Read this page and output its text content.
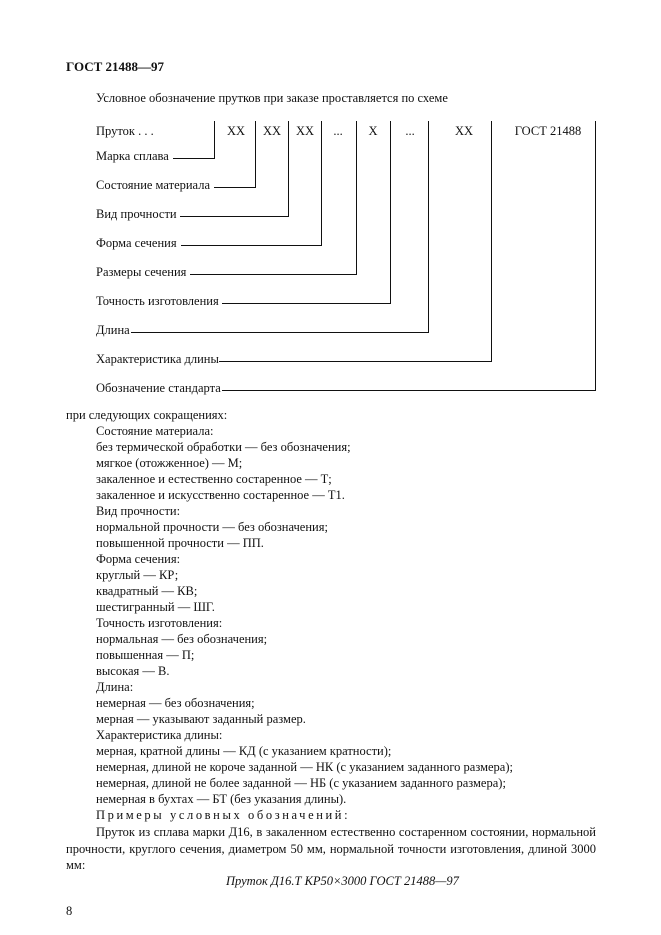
ГОСТ 21488—97
Условное обозначение прутков при заказе проставляется по схеме
Пруток . . .	XX	XX	XX	...	X	...	XX	ГОСТ 21488
Марка сплава
Состояние материала
Вид прочности
Форма сечения
Размеры сечения
Точность изготовления
Длина
Характеристика длины
Обозначение стандарта
при следующих сокращениях:
Состояние материала:
без термической обработки — без обозначения;
мягкое (отожженное) — М;
закаленное и естественно состаренное — Т;
закаленное и искусственно состаренное — Т1.
Вид прочности:
нормальной прочности — без обозначения;
повышенной прочности — ПП.
Форма сечения:
круглый — КР;
квадратный — КВ;
шестигранный — ШГ.
Точность изготовления:
нормальная — без обозначения;
повышенная — П;
высокая — В.
Длина:
немерная — без обозначения;
мерная — указывают заданный размер.
Характеристика длины:
мерная, кратной длины — КД (с указанием кратности);
немерная, длиной не короче заданной — НК (с указанием заданного размера);
немерная, длиной не более заданной — НБ (с указанием заданного размера);
немерная в бухтах — БТ (без указания длины).
Примеры условных обозначений:
Пруток из сплава марки Д16, в закаленном естественно состаренном состоянии, нормальной прочности, круглого сечения, диаметром 50 мм, нормальной точности изготовления, длиной 3000 мм:
Пруток Д16.Т КР50×3000 ГОСТ 21488—97
8
